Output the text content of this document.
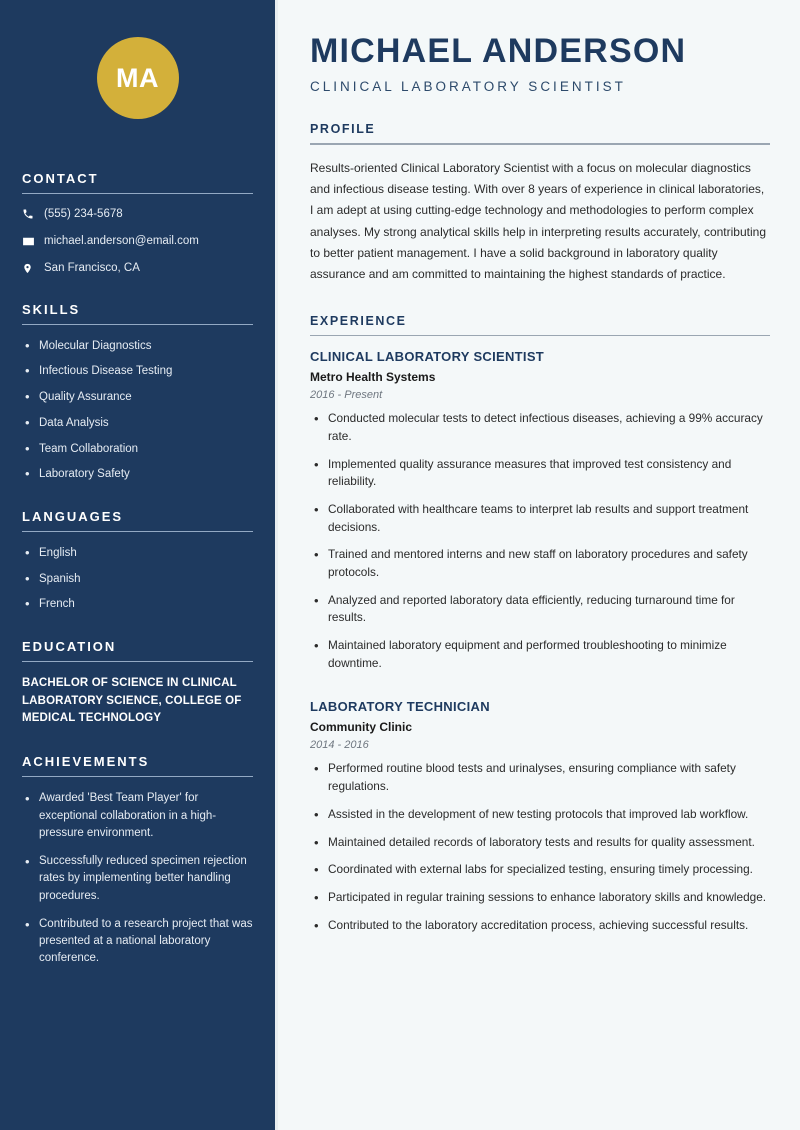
MA
CONTACT
(555) 234-5678
michael.anderson@email.com
San Francisco, CA
SKILLS
• Molecular Diagnostics
• Infectious Disease Testing
• Quality Assurance
• Data Analysis
• Team Collaboration
• Laboratory Safety
LANGUAGES
• English
• Spanish
• French
EDUCATION
BACHELOR OF SCIENCE IN CLINICAL LABORATORY SCIENCE, COLLEGE OF MEDICAL TECHNOLOGY
ACHIEVEMENTS
• Awarded 'Best Team Player' for exceptional collaboration in a high-pressure environment.
• Successfully reduced specimen rejection rates by implementing better handling procedures.
• Contributed to a research project that was presented at a national laboratory conference.
MICHAEL ANDERSON
CLINICAL LABORATORY SCIENTIST
PROFILE

Results-oriented Clinical Laboratory Scientist with a focus on molecular diagnostics and infectious disease testing. With over 8 years of experience in clinical laboratories, I am adept at using cutting-edge technology and methodologies to perform complex analyses. My strong analytical skills help in interpreting results accurately, contributing to better patient management. I have a solid background in laboratory quality assurance and am committed to maintaining the highest standards of practice.

EXPERIENCE
CLINICAL LABORATORY SCIENTIST
Metro Health Systems
2016 - Present
• Conducted molecular tests to detect infectious diseases, achieving a 99% accuracy rate.
• Implemented quality assurance measures that improved test consistency and reliability.
• Collaborated with healthcare teams to interpret lab results and support treatment decisions.
• Trained and mentored interns and new staff on laboratory procedures and safety protocols.
• Analyzed and reported laboratory data efficiently, reducing turnaround time for results.
• Maintained laboratory equipment and performed troubleshooting to minimize downtime.
LABORATORY TECHNICIAN
Community Clinic
2014 - 2016
• Performed routine blood tests and urinalyses, ensuring compliance with safety regulations.
• Assisted in the development of new testing protocols that improved lab workflow.
• Maintained detailed records of laboratory tests and results for quality assessment.
• Coordinated with external labs for specialized testing, ensuring timely processing.
• Participated in regular training sessions to enhance laboratory skills and knowledge.
• Contributed to the laboratory accreditation process, achieving successful results.
